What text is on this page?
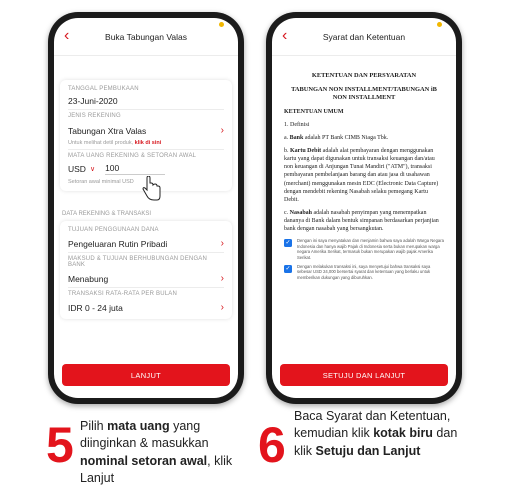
‹	Buka Tabungan Valas
TANGGAL PEMBUKAAN
23-Juni-2020
JENIS REKENING
Tabungan Xtra Valas	›
Untuk melihat detil produk, klik di sini
MATA UANG REKENING & SETORAN AWAL
USD ∨ 100
Setoran awal minimal USD
DATA REKENING & TRANSAKSI
TUJUAN PENGGUNAAN DANA
Pengeluaran Rutin Pribadi	›
MAKSUD & TUJUAN BERHUBUNGAN DENGAN BANK
Menabung	›
TRANSAKSI RATA-RATA PER BULAN
IDR 0 - 24 juta	›
LANJUT
‹	Syarat dan Ketentuan

KETENTUAN DAN PERSYARATAN

TABUNGAN NON INSTALLMENT/TABUNGAN iB NON INSTALLMENT

KETENTUAN UMUM

1. Definisi

a. Bank adalah PT Bank CIMB Niaga Tbk.

b. Kartu Debit adalah alat pembayaran dengan menggunakan kartu yang dapat digunakan untuk transaksi keuangan dan/atau non keuangan di Anjungan Tunai Mandiri ("ATM"), transaksi pembayaran pembelanjaan barang dan atau jasa di usahawan (merchant) menggunakan mesin EDC (Electronic Data Capture) dengan mendebit rekening Nasabah selaku pemegang Kartu Debit.

c. Nasabah adalah nasabah penyimpan yang menempatkan dananya di Bank dalam bentuk simpanan berdasarkan perjanjian bank dengan nasabah yang bersangkutan.

✓	Dengan ini saya menyatakan dan menjamin bahwa saya adalah Warga Negara Indonesia dan hanya wajib Pajak di Indonesia serta bukan merupakan warga negara Amerika Serikat, termasuk bukan merupakan wajib pajak Amerika Serikat.
✓	Dengan melakukan transaksi ini, saya menyetujui bahwa transaksi saya sebesar USD 24,000 bersertai syarat dan ketentuan yang berlaku untuk memberikan dukungan yang diburuhkan.
SETUJU DAN LANJUT
5 Pilih mata uang yang diinginkan & masukkan nominal setoran awal, klik Lanjut
6
Baca Syarat dan Ketentuan, kemudian klik kotak biru dan klik Setuju dan Lanjut
